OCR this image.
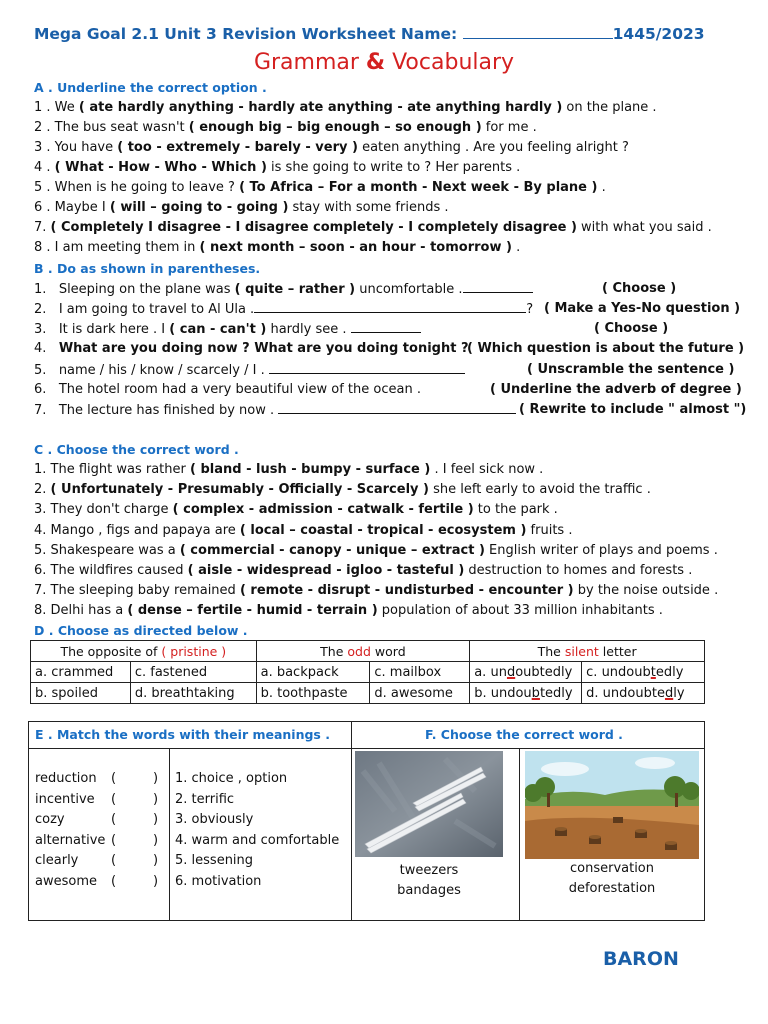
Mega Goal 2.1 Unit 3 Revision Worksheet Name:	1445/2023
Grammar & Vocabulary
A . Underline the correct option .
1 . We ( ate hardly anything - hardly ate anything - ate anything hardly ) on the plane .
2 . The bus seat wasn't ( enough big – big enough – so enough ) for me .
3 . You have ( too - extremely - barely - very ) eaten anything . Are you feeling alright ?
4 . ( What - How - Who - Which ) is she going to write to ? Her parents .
5 . When is he going to leave ? ( To Africa – For a month - Next week - By plane ) .
6 . Maybe I ( will – going to - going ) stay with some friends .
7. ( Completely I disagree - I disagree completely - I completely disagree ) with what you said .
8 . I am meeting them in ( next month – soon - an hour - tomorrow ) .
B . Do as shown in parentheses.
1. Sleeping on the plane was ( quite – rather ) uncomfortable .	( Choose )
2. I am going to travel to Al Ula .	? ( Make a Yes-No question )
3. It is dark here . I ( can - can't ) hardly see .	( Choose )
4. What are you doing now ? What are you doing tonight ?
( Which question is about the future )
5. name / his / know / scarcely / I .	( Unscramble the sentence )
6. The hotel room had a very beautiful view of the ocean .	( Underline the adverb of degree )
7. The lecture has finished by now .	( Rewrite to include " almost ")
C . Choose the correct word .
1. The flight was rather ( bland - lush - bumpy - surface ) . I feel sick now .
2. ( Unfortunately - Presumably - Officially - Scarcely ) she left early to avoid the traffic .
3. They don't charge ( complex - admission - catwalk - fertile ) to the park .
4. Mango , figs and papaya are ( local – coastal - tropical - ecosystem ) fruits .
5. Shakespeare was a ( commercial - canopy - unique – extract ) English writer of plays and poems .
6. The wildfires caused ( aisle - widespread - igloo - tasteful ) destruction to homes and forests .
7. The sleeping baby remained ( remote - disrupt - undisturbed - encounter ) by the noise outside .
8. Delhi has a ( dense – fertile - humid - terrain ) population of about 33 million inhabitants .
D . Choose as directed below .
The opposite of ( pristine )		The odd word		The silent letter	
a. crammed	c. fastened	a. backpack	c. mailbox	a. undoubtedly	c. undoubtedly
b. spoiled	d. breathtaking	b. toothpaste	d. awesome	b. undoubtedly	d. undoubtedly
E . Match the words with their meanings .	F. Choose the correct word .
reduction (	)
incentive (	)
cozy	(	)
alternative (	)
clearly	(	)
awesome (	)
1. choice , option
2. terrific
3. obviously
4. warm and comfortable
5. lessening
6. motivation
tweezers
bandages
conservation
deforestation
BARON
